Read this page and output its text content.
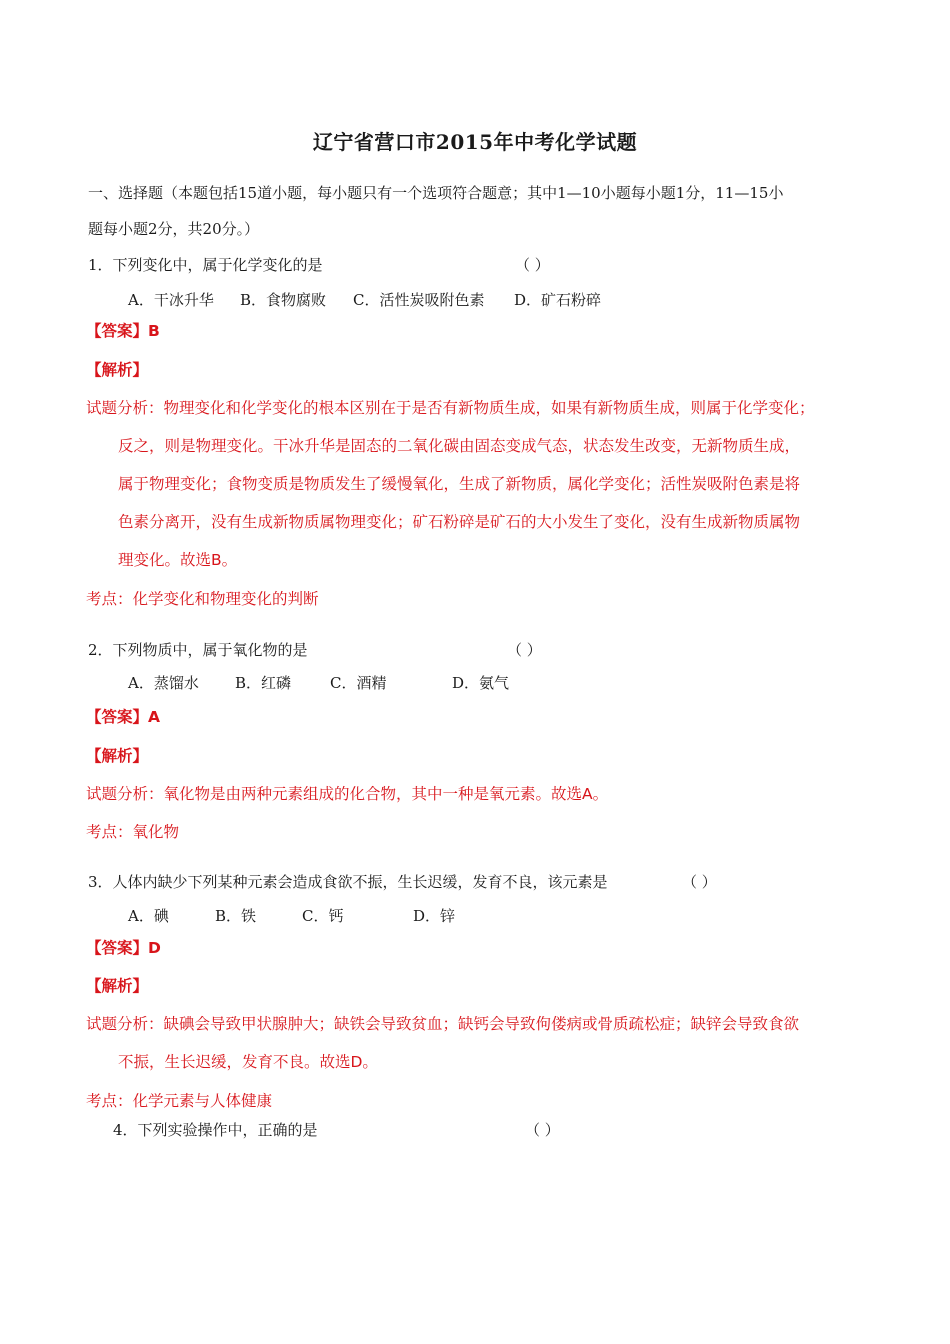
辽宁省营口市2015年中考化学试题
一、选择题（本题包括15道小题，每小题只有一个选项符合题意；其中1—10小题每小题1分，11—15小
题每小题2分，共20分。）
1．下列变化中，属于化学变化的是	（ ）
A．干冰升华 B．食物腐败 C．活性炭吸附色素 D．矿石粉碎
【答案】B
【解析】
试题分析：物理变化和化学变化的根本区别在于是否有新物质生成，如果有新物质生成，则属于化学变化；
反之，则是物理变化。干冰升华是固态的二氧化碳由固态变成气态，状态发生改变，无新物质生成，
属于物理变化；食物变质是物质发生了缓慢氧化，生成了新物质，属化学变化；活性炭吸附色素是将
色素分离开，没有生成新物质属物理变化；矿石粉碎是矿石的大小发生了变化，没有生成新物质属物
理变化。故选B。
考点：化学变化和物理变化的判断
2．下列物质中，属于氧化物的是	（ ）
A．蒸馏水 B．红磷	C．酒精	D．氨气
【答案】A
【解析】
试题分析：氧化物是由两种元素组成的化合物，其中一种是氧元素。故选A。
考点：氧化物
3．人体内缺少下列某种元素会造成食欲不振，生长迟缓，发育不良，该元素是	（ ）
A．碘	B．铁	C．钙	D．锌
【答案】D
【解析】
试题分析：缺碘会导致甲状腺肿大；缺铁会导致贫血；缺钙会导致佝偻病或骨质疏松症；缺锌会导致食欲
不振，生长迟缓，发育不良。故选D。
考点：化学元素与人体健康
4．下列实验操作中，正确的是	（ ）
